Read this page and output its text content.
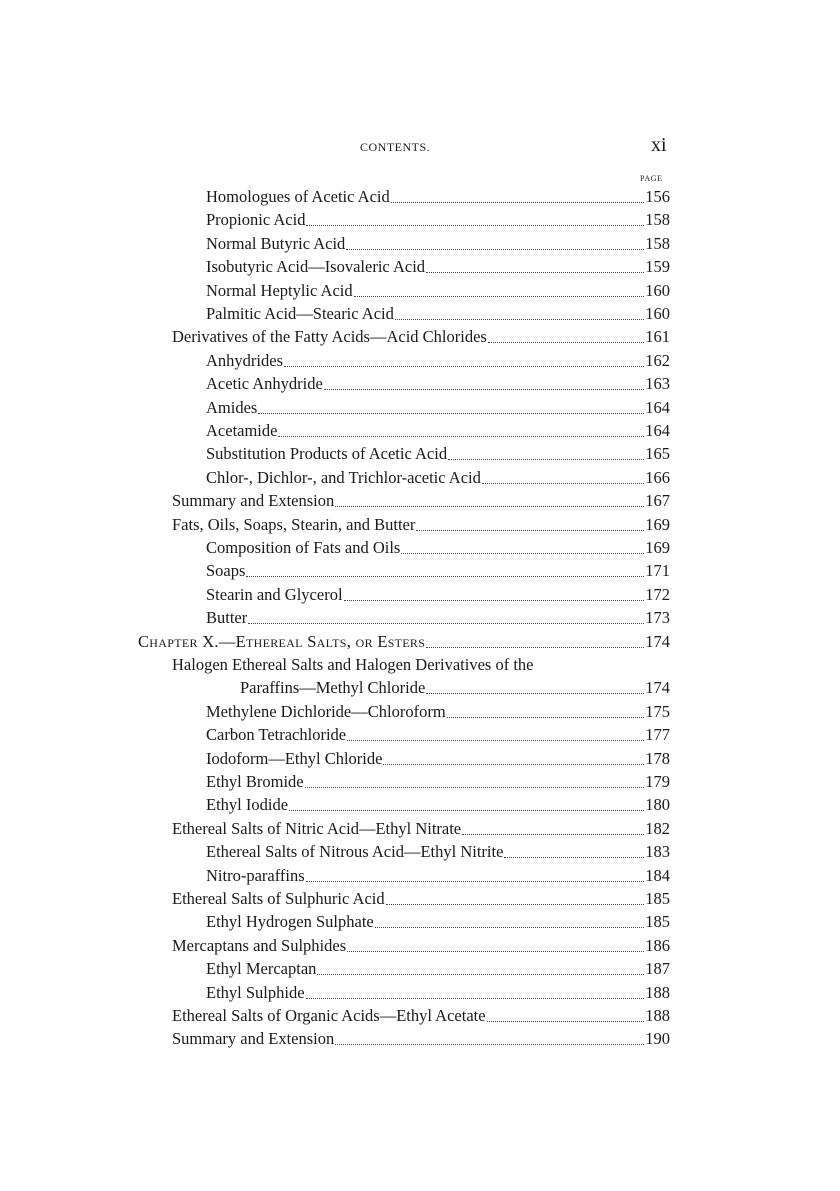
CONTENTS.	xi
PAGE
Homologues of Acetic Acid	156
Propionic Acid	158
Normal Butyric Acid	158
Isobutyric Acid—Isovaleric Acid	159
Normal Heptylic Acid	160
Palmitic Acid—Stearic Acid	160
Derivatives of the Fatty Acids—Acid Chlorides	161
Anhydrides	162
Acetic Anhydride	163
Amides	164
Acetamide	164
Substitution Products of Acetic Acid	165
Chlor-, Dichlor-, and Trichlor-acetic Acid	166
Summary and Extension	167
Fats, Oils, Soaps, Stearin, and Butter	169
Composition of Fats and Oils	169
Soaps	171
Stearin and Glycerol	172
Butter	173
Chapter X.—Ethereal Salts, or Esters	174
Halogen Ethereal Salts and Halogen Derivatives of the
Paraffins—Methyl Chloride	174
Methylene Dichloride—Chloroform	175
Carbon Tetrachloride	177
Iodoform—Ethyl Chloride	178
Ethyl Bromide	179
Ethyl Iodide	180
Ethereal Salts of Nitric Acid—Ethyl Nitrate	182
Ethereal Salts of Nitrous Acid—Ethyl Nitrite	183
Nitro-paraffins	184
Ethereal Salts of Sulphuric Acid	185
Ethyl Hydrogen Sulphate	185
Mercaptans and Sulphides	186
Ethyl Mercaptan	187
Ethyl Sulphide	188
Ethereal Salts of Organic Acids—Ethyl Acetate	188
Summary and Extension	190
